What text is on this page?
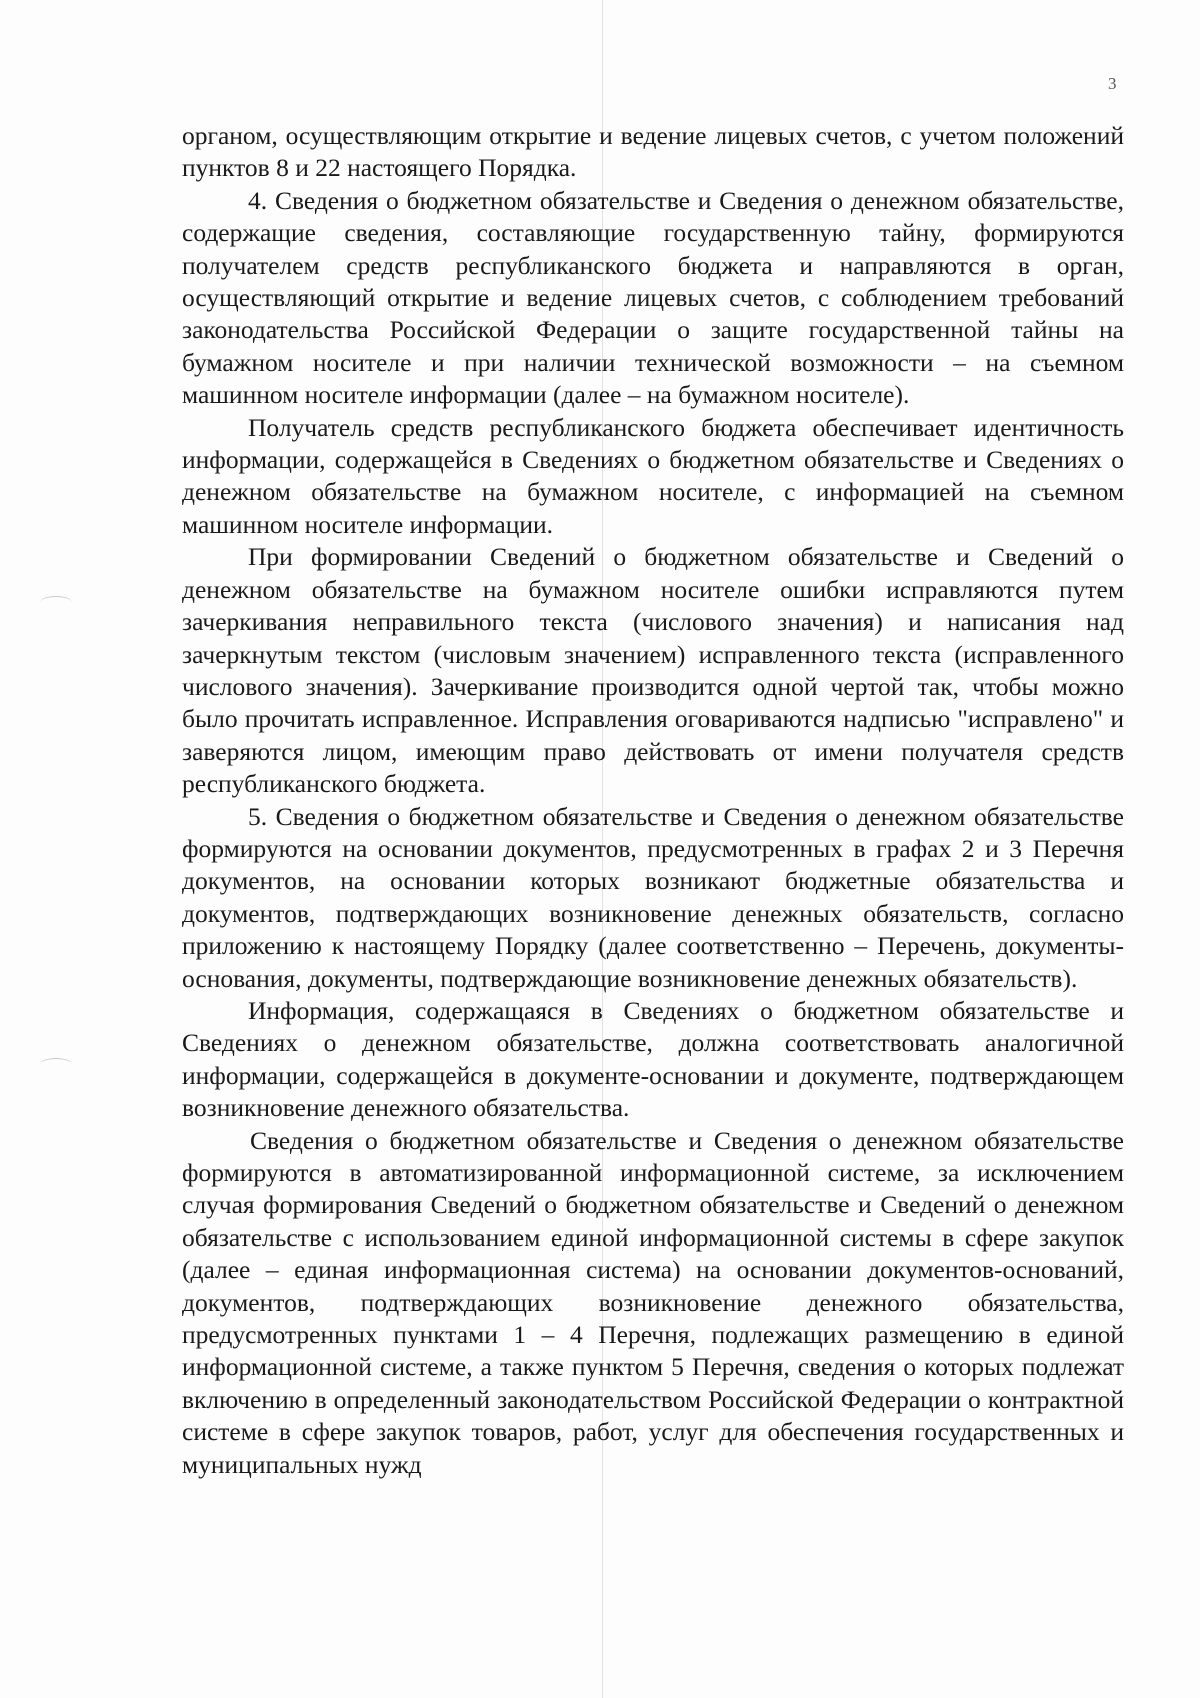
3

органом, осуществляющим открытие и ведение лицевых счетов, с учетом положений пунктов 8 и 22 настоящего Порядка.

4. Сведения о бюджетном обязательстве и Сведения о денежном обязательстве, содержащие сведения, составляющие государственную тайну, формируются получателем средств республиканского бюджета и направляются в орган, осуществляющий открытие и ведение лицевых счетов, с соблюдением требований законодательства Российской Федерации о защите государственной тайны на бумажном носителе и при наличии технической возможности – на съемном машинном носителе информации (далее – на бумажном носителе).

Получатель средств республиканского бюджета обеспечивает идентичность информации, содержащейся в Сведениях о бюджетном обязательстве и Сведениях о денежном обязательстве на бумажном носителе, с информацией на съемном машинном носителе информации.

При формировании Сведений о бюджетном обязательстве и Сведений о денежном обязательстве на бумажном носителе ошибки исправляются путем зачеркивания неправильного текста (числового значения) и написания над зачеркнутым текстом (числовым значением) исправленного текста (исправленного числового значения). Зачеркивание производится одной чертой так, чтобы можно было прочитать исправленное. Исправления оговариваются надписью "исправлено" и заверяются лицом, имеющим право действовать от имени получателя средств республиканского бюджета.

5. Сведения о бюджетном обязательстве и Сведения о денежном обязательстве формируются на основании документов, предусмотренных в графах 2 и 3 Перечня документов, на основании которых возникают бюджетные обязательства и документов, подтверждающих возникновение денежных обязательств, согласно приложению к настоящему Порядку (далее соответственно – Перечень, документы-основания, документы, подтверждающие возникновение денежных обязательств).

Информация, содержащаяся в Сведениях о бюджетном обязательстве и Сведениях о денежном обязательстве, должна соответствовать аналогичной информации, содержащейся в документе-основании и документе, подтверждающем возникновение денежного обязательства.

Сведения о бюджетном обязательстве и Сведения о денежном обязательстве формируются в автоматизированной информационной системе, за исключением случая формирования Сведений о бюджетном обязательстве и Сведений о денежном обязательстве с использованием единой информационной системы в сфере закупок (далее – единая информационная система) на основании документов-оснований, документов, подтверждающих возникновение денежного обязательства, предусмотренных пунктами 1 – 4 Перечня, подлежащих размещению в единой информационной системе, а также пунктом 5 Перечня, сведения о которых подлежат включению в определенный законодательством Российской Федерации о контрактной системе в сфере закупок товаров, работ, услуг для обеспечения государственных и муниципальных нужд
